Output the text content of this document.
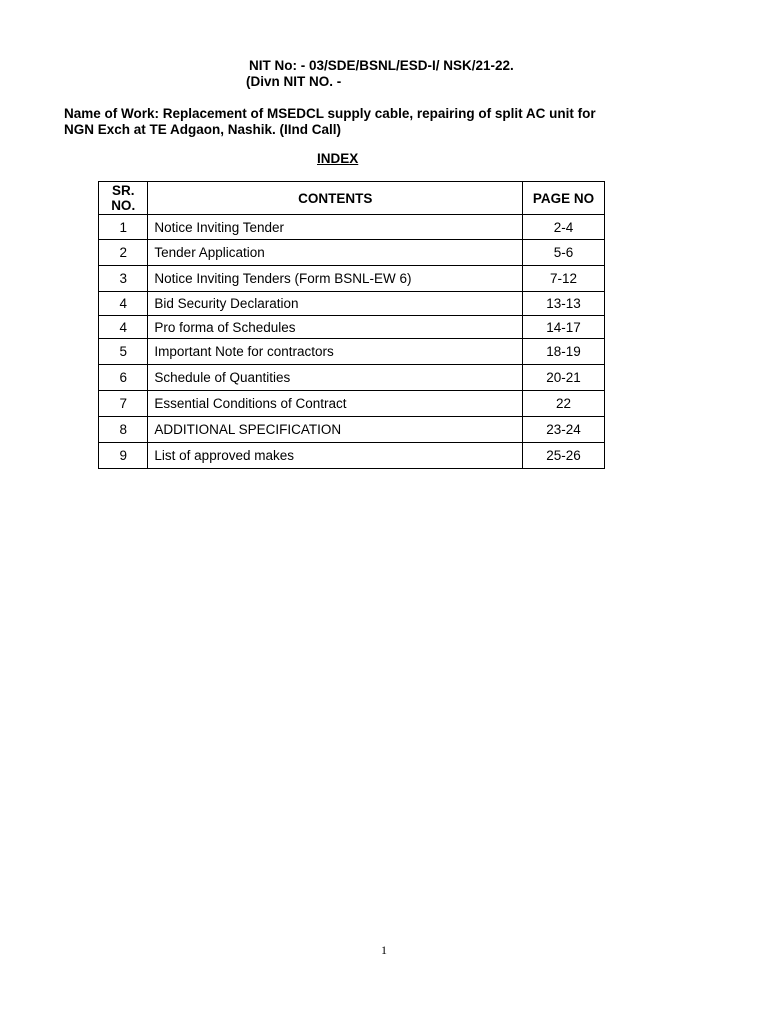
NIT No: - 03/SDE/BSNL/ESD-I/ NSK/21-22.
(Divn NIT NO. -
Name of Work: Replacement of MSEDCL supply cable, repairing of split AC unit for
NGN Exch at TE Adgaon, Nashik. (IInd Call)
INDEX
SR.
NO.	CONTENTS	PAGE NO
1	Notice Inviting Tender	2-4
2	Tender Application	5-6
3	Notice Inviting Tenders (Form BSNL-EW 6)	7-12
4	Bid Security Declaration	13-13
4	Pro forma of Schedules	14-17
5	Important Note for contractors	18-19
6	Schedule of Quantities	20-21
7	Essential Conditions of Contract	22
8	ADDITIONAL SPECIFICATION	23-24
9	List of approved makes	25-26
1
